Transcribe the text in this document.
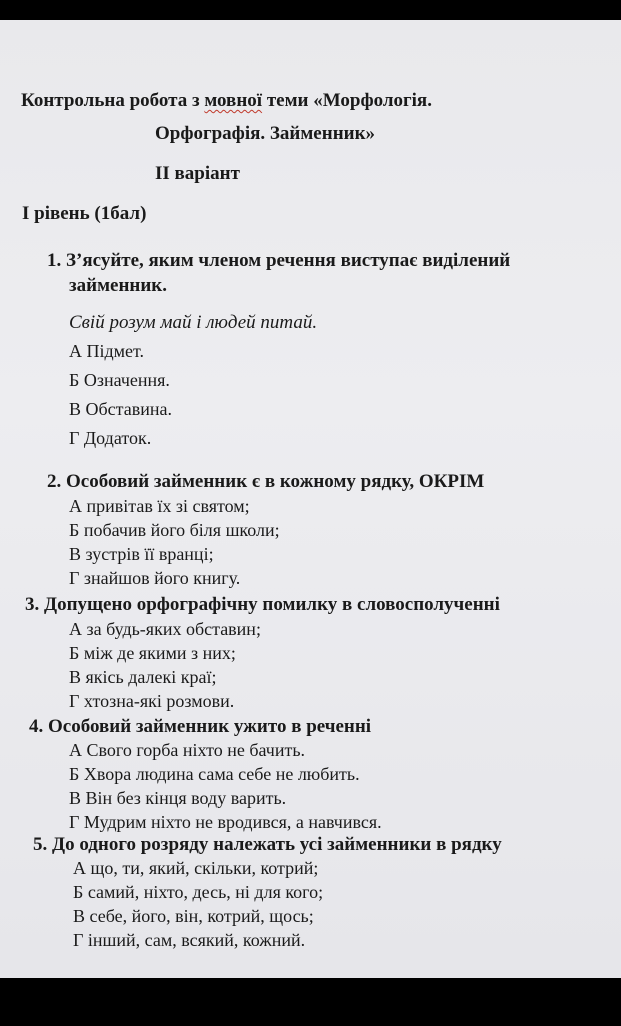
Контрольна робота з мовної теми «Морфологія.
Орфографія. Займенник»
ІІ варіант
І рівень (1бал)
1. З’ясуйте, яким членом речення виступає виділений
займенник.
Свій розум май і людей питай.
А Підмет.
Б Означення.
В Обставина.
Г Додаток.
2. Особовий займенник є в кожному рядку, ОКРІМ
А привітав їх зі святом;
Б побачив його біля школи;
В зустрів її вранці;
Г знайшов його книгу.
3. Допущено орфографічну помилку в словосполученні
А за будь-яких обставин;
Б між де якими з них;
В якісь далекі краї;
Г хтозна-які розмови.
4. Особовий займенник ужито в реченні
А Свого горба ніхто не бачить.
Б Хвора людина сама себе не любить.
В Він без кінця воду варить.
Г Мудрим ніхто не вродився, а навчився.
5. До одного розряду належать усі займенники в рядку
А що, ти, який, скільки, котрий;
Б самий, ніхто, десь, ні для кого;
В себе, його, він, котрий, щось;
Г інший, сам, всякий, кожний.
